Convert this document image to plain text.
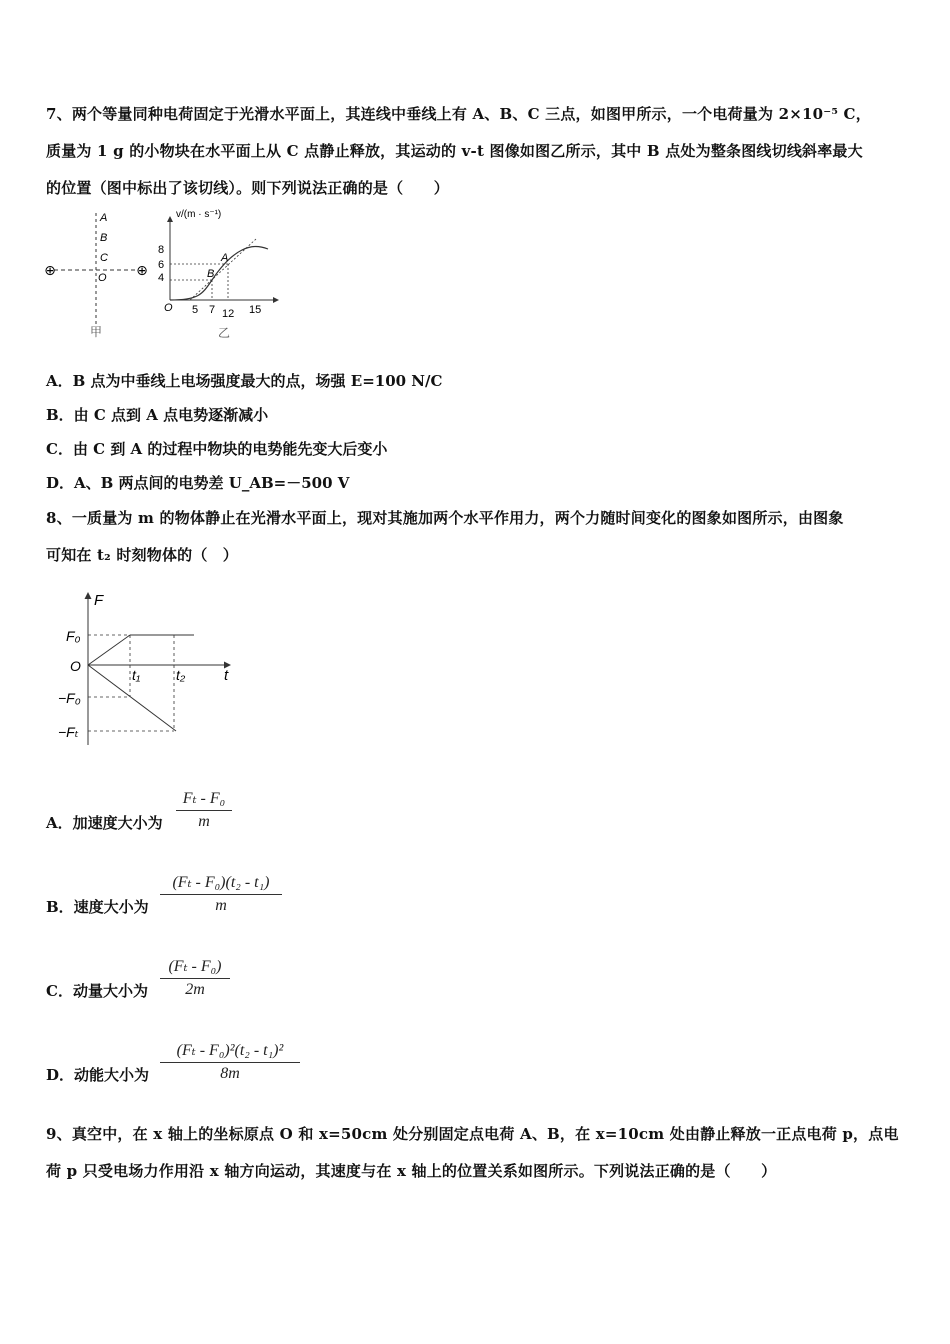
7、两个等量同种电荷固定于光滑水平面上，其连线中垂线上有 A、B、C 三点，如图甲所示，一个电荷量为 2×10⁻⁵ C，
质量为 1 g 的小物块在水平面上从 C 点静止释放，其运动的 v-t 图像如图乙所示，其中 B 点处为整条图线切线斜率最大
的位置（图中标出了该切线）。则下列说法正确的是（　　）
⊕	⊕
A
B
C
O
甲
v/(m · s⁻¹)
8
6
4
O 5 7 12 15
A
B
乙
A．B 点为中垂线上电场强度最大的点，场强 E=100 N/C
B．由 C 点到 A 点电势逐渐减小
C．由 C 到 A 的过程中物块的电势能先变大后变小
D．A、B 两点间的电势差 U_AB=－500 V
8、一质量为 m 的物体静止在光滑水平面上，现对其施加两个水平作用力，两个力随时间变化的图象如图所示，由图象
可知在 t₂ 时刻物体的（　）
F
t
F₀
O
−F₀
−Fₜ
t₁	t₂
A．加速度大小为 $\frac{\text{Fₜ - F₀}}{m}$
B．速度大小为 $\frac{\text{(Fₜ - F₀)(t₂ - t₁)}}{m}$
C．动量大小为 $\frac{\text{(Fₜ - F₀)}}{2m}$
D．动能大小为 $\frac{\text{(Fₜ - F₀)²(t₂ - t₁)²}}{8m}$
9、真空中，在 x 轴上的坐标原点 O 和 x=50cm 处分别固定点电荷 A、B，在 x=10cm 处由静止释放一正点电荷 p，点电
荷 p 只受电场力作用沿 x 轴方向运动，其速度与在 x 轴上的位置关系如图所示。下列说法正确的是（　　）
